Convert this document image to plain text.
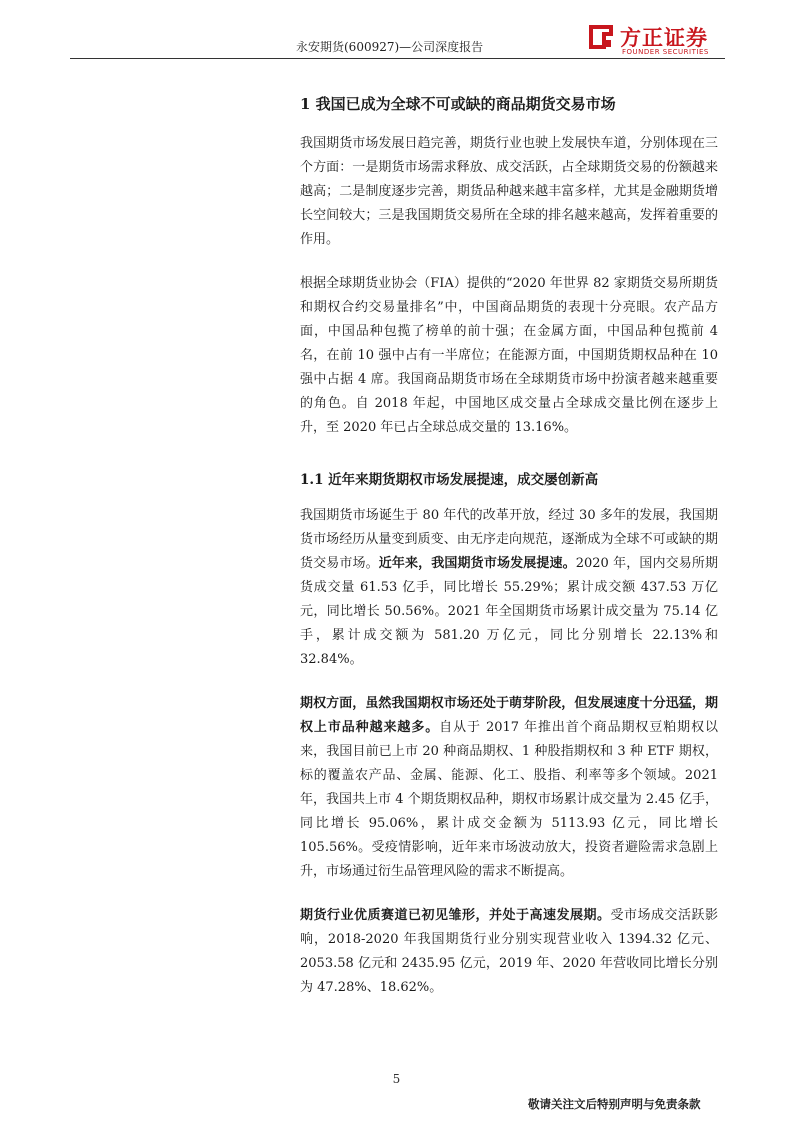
永安期货(600927)—公司深度报告	方正证券
FOUNDER SECURITIES
1 我国已成为全球不可或缺的商品期货交易市场

我国期货市场发展日趋完善，期货行业也驶上发展快车道，分别体现在三个方面：一是期货市场需求释放、成交活跃，占全球期货交易的份额越来越高；二是制度逐步完善，期货品种越来越丰富多样，尤其是金融期货增长空间较大；三是我国期货交易所在全球的排名越来越高，发挥着重要的作用。

根据全球期货业协会（FIA）提供的“2020 年世界 82 家期货交易所期货和期权合约交易量排名”中，中国商品期货的表现十分亮眼。农产品方面，中国品种包揽了榜单的前十强；在金属方面，中国品种包揽前 4 名，在前 10 强中占有一半席位；在能源方面，中国期货期权品种在 10 强中占据 4 席。我国商品期货市场在全球期货市场中扮演者越来越重要的角色。自 2018 年起，中国地区成交量占全球成交量比例在逐步上升，至 2020 年已占全球总成交量的 13.16%。

1.1 近年来期货期权市场发展提速，成交屡创新高

我国期货市场诞生于 80 年代的改革开放，经过 30 多年的发展，我国期货市场经历从量变到质变、由无序走向规范，逐渐成为全球不可或缺的期货交易市场。近年来，我国期货市场发展提速。2020 年，国内交易所期货成交量 61.53 亿手，同比增长 55.29%；累计成交额 437.53 万亿元，同比增长 50.56%。2021 年全国期货市场累计成交量为 75.14 亿手，累计成交额为 581.20 万亿元，同比分别增长 22.13%和 32.84%。

期权方面，虽然我国期权市场还处于萌芽阶段，但发展速度十分迅猛，期权上市品种越来越多。自从于 2017 年推出首个商品期权豆粕期权以来，我国目前已上市 20 种商品期权、1 种股指期权和 3 种 ETF 期权，标的覆盖农产品、金属、能源、化工、股指、利率等多个领域。2021 年，我国共上市 4 个期货期权品种，期权市场累计成交量为 2.45 亿手，同比增长 95.06%，累计成交金额为 5113.93 亿元，同比增长 105.56%。受疫情影响，近年来市场波动放大，投资者避险需求急剧上升，市场通过衍生品管理风险的需求不断提高。

期货行业优质赛道已初见雏形，并处于高速发展期。受市场成交活跃影响，2018-2020 年我国期货行业分别实现营业收入 1394.32 亿元、2053.58 亿元和 2435.95 亿元，2019 年、2020 年营收同比增长分别为 47.28%、18.62%。

5
敬请关注文后特别声明与免责条款
